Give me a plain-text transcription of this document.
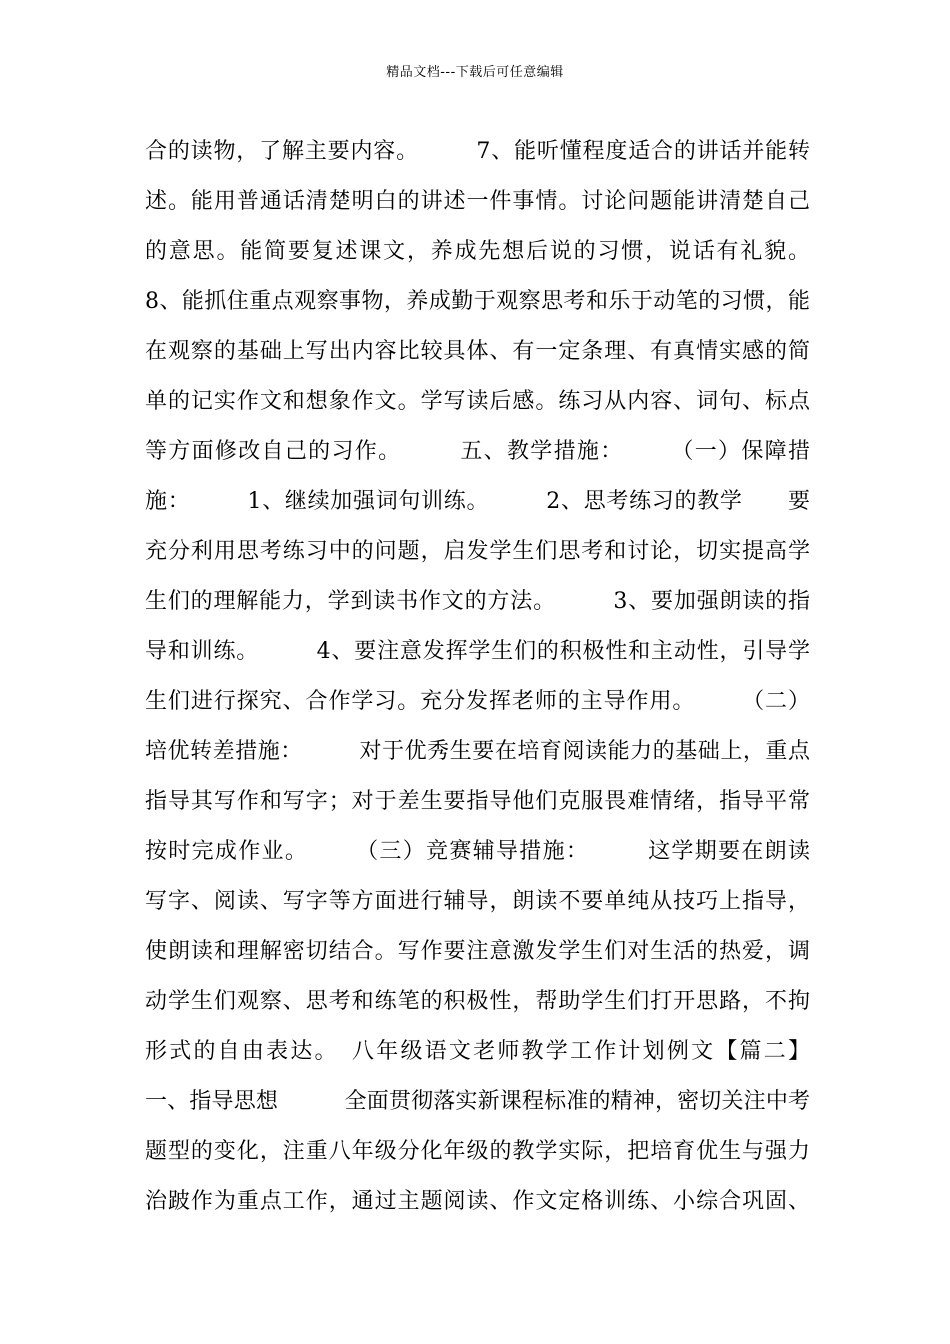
精品文档---下载后可任意编辑
合的读物，了解主要内容。　　　7、能听懂程度适合的讲话并能转
述。能用普通话清楚明白的讲述一件事情。讨论问题能讲清楚自己
的意思。能简要复述课文，养成先想后说的习惯，说话有礼貌。
8、能抓住重点观察事物，养成勤于观察思考和乐于动笔的习惯，能
在观察的基础上写出内容比较具体、有一定条理、有真情实感的简
单的记实作文和想象作文。学写读后感。练习从内容、词句、标点
等方面修改自己的习作。　　　五、教学措施：　　　（一）保障措
施：　　　1、继续加强词句训练。　　　2、思考练习的教学　　要
充分利用思考练习中的问题，启发学生们思考和讨论，切实提高学
生们的理解能力，学到读书作文的方法。　　　3、要加强朗读的指
导和训练。　　　4、要注意发挥学生们的积极性和主动性，引导学
生们进行探究、合作学习。充分发挥老师的主导作用。　　　（二）
培优转差措施：　　　对于优秀生要在培育阅读能力的基础上，重点
指导其写作和写字；对于差生要指导他们克服畏难情绪，指导平常
按时完成作业。　　　（三）竞赛辅导措施：　　　这学期要在朗读
写字、阅读、写字等方面进行辅导，朗读不要单纯从技巧上指导，
使朗读和理解密切结合。写作要注意激发学生们对生活的热爱，调
动学生们观察、思考和练笔的积极性，帮助学生们打开思路，不拘
形式的自由表达。　八年级语文老师教学工作计划例文【篇二】
一、指导思想　　　全面贯彻落实新课程标准的精神，密切关注中考
题型的变化，注重八年级分化年级的教学实际，把培育优生与强力
治跛作为重点工作，通过主题阅读、作文定格训练、小综合巩固、
